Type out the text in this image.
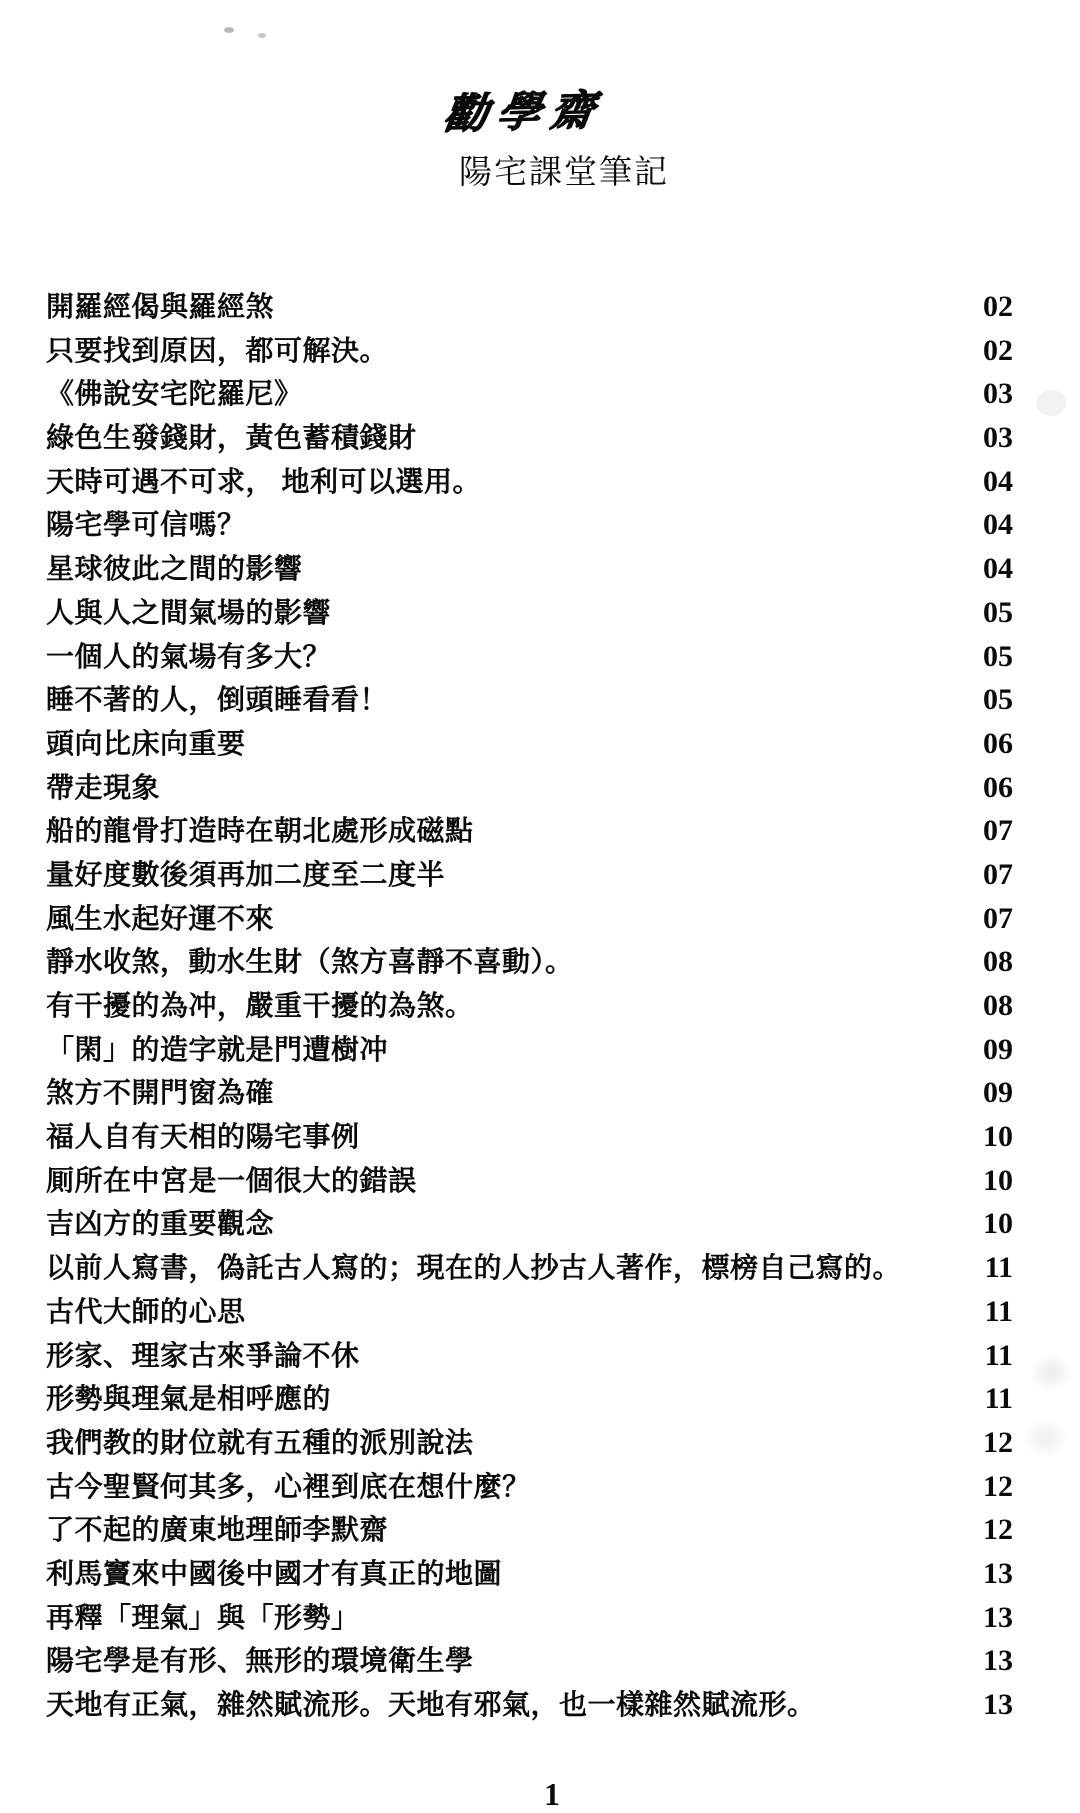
勸學齋
陽宅課堂筆記
開羅經偈與羅經煞	02
只要找到原因，都可解決。	02
《佛說安宅陀羅尼》	03
綠色生發錢財，黃色蓄積錢財	03
天時可遇不可求， 地利可以選用。	04
陽宅學可信嗎？	04
星球彼此之間的影響	04
人與人之間氣場的影響	05
一個人的氣場有多大？	05
睡不著的人，倒頭睡看看！	05
頭向比床向重要	06
帶走現象	06
船的龍骨打造時在朝北處形成磁點	07
量好度數後須再加二度至二度半	07
風生水起好運不來	07
靜水收煞，動水生財（煞方喜靜不喜動）。	08
有干擾的為冲，嚴重干擾的為煞。	08
「閑」的造字就是門遭樹冲	09
煞方不開門窗為確	09
福人自有天相的陽宅事例	10
厠所在中宮是一個很大的錯誤	10
吉凶方的重要觀念	10
以前人寫書，偽託古人寫的；現在的人抄古人著作，標榜自己寫的。	11
古代大師的心思	11
形家、理家古來爭論不休	11
形勢與理氣是相呼應的	11
我們教的財位就有五種的派別說法	12
古今聖賢何其多，心裡到底在想什麼？	12
了不起的廣東地理師李默齋	12
利馬竇來中國後中國才有真正的地圖	13
再釋「理氣」與「形勢」	13
陽宅學是有形、無形的環境衛生學	13
天地有正氣，雜然賦流形。天地有邪氣，也一樣雜然賦流形。	13
1
